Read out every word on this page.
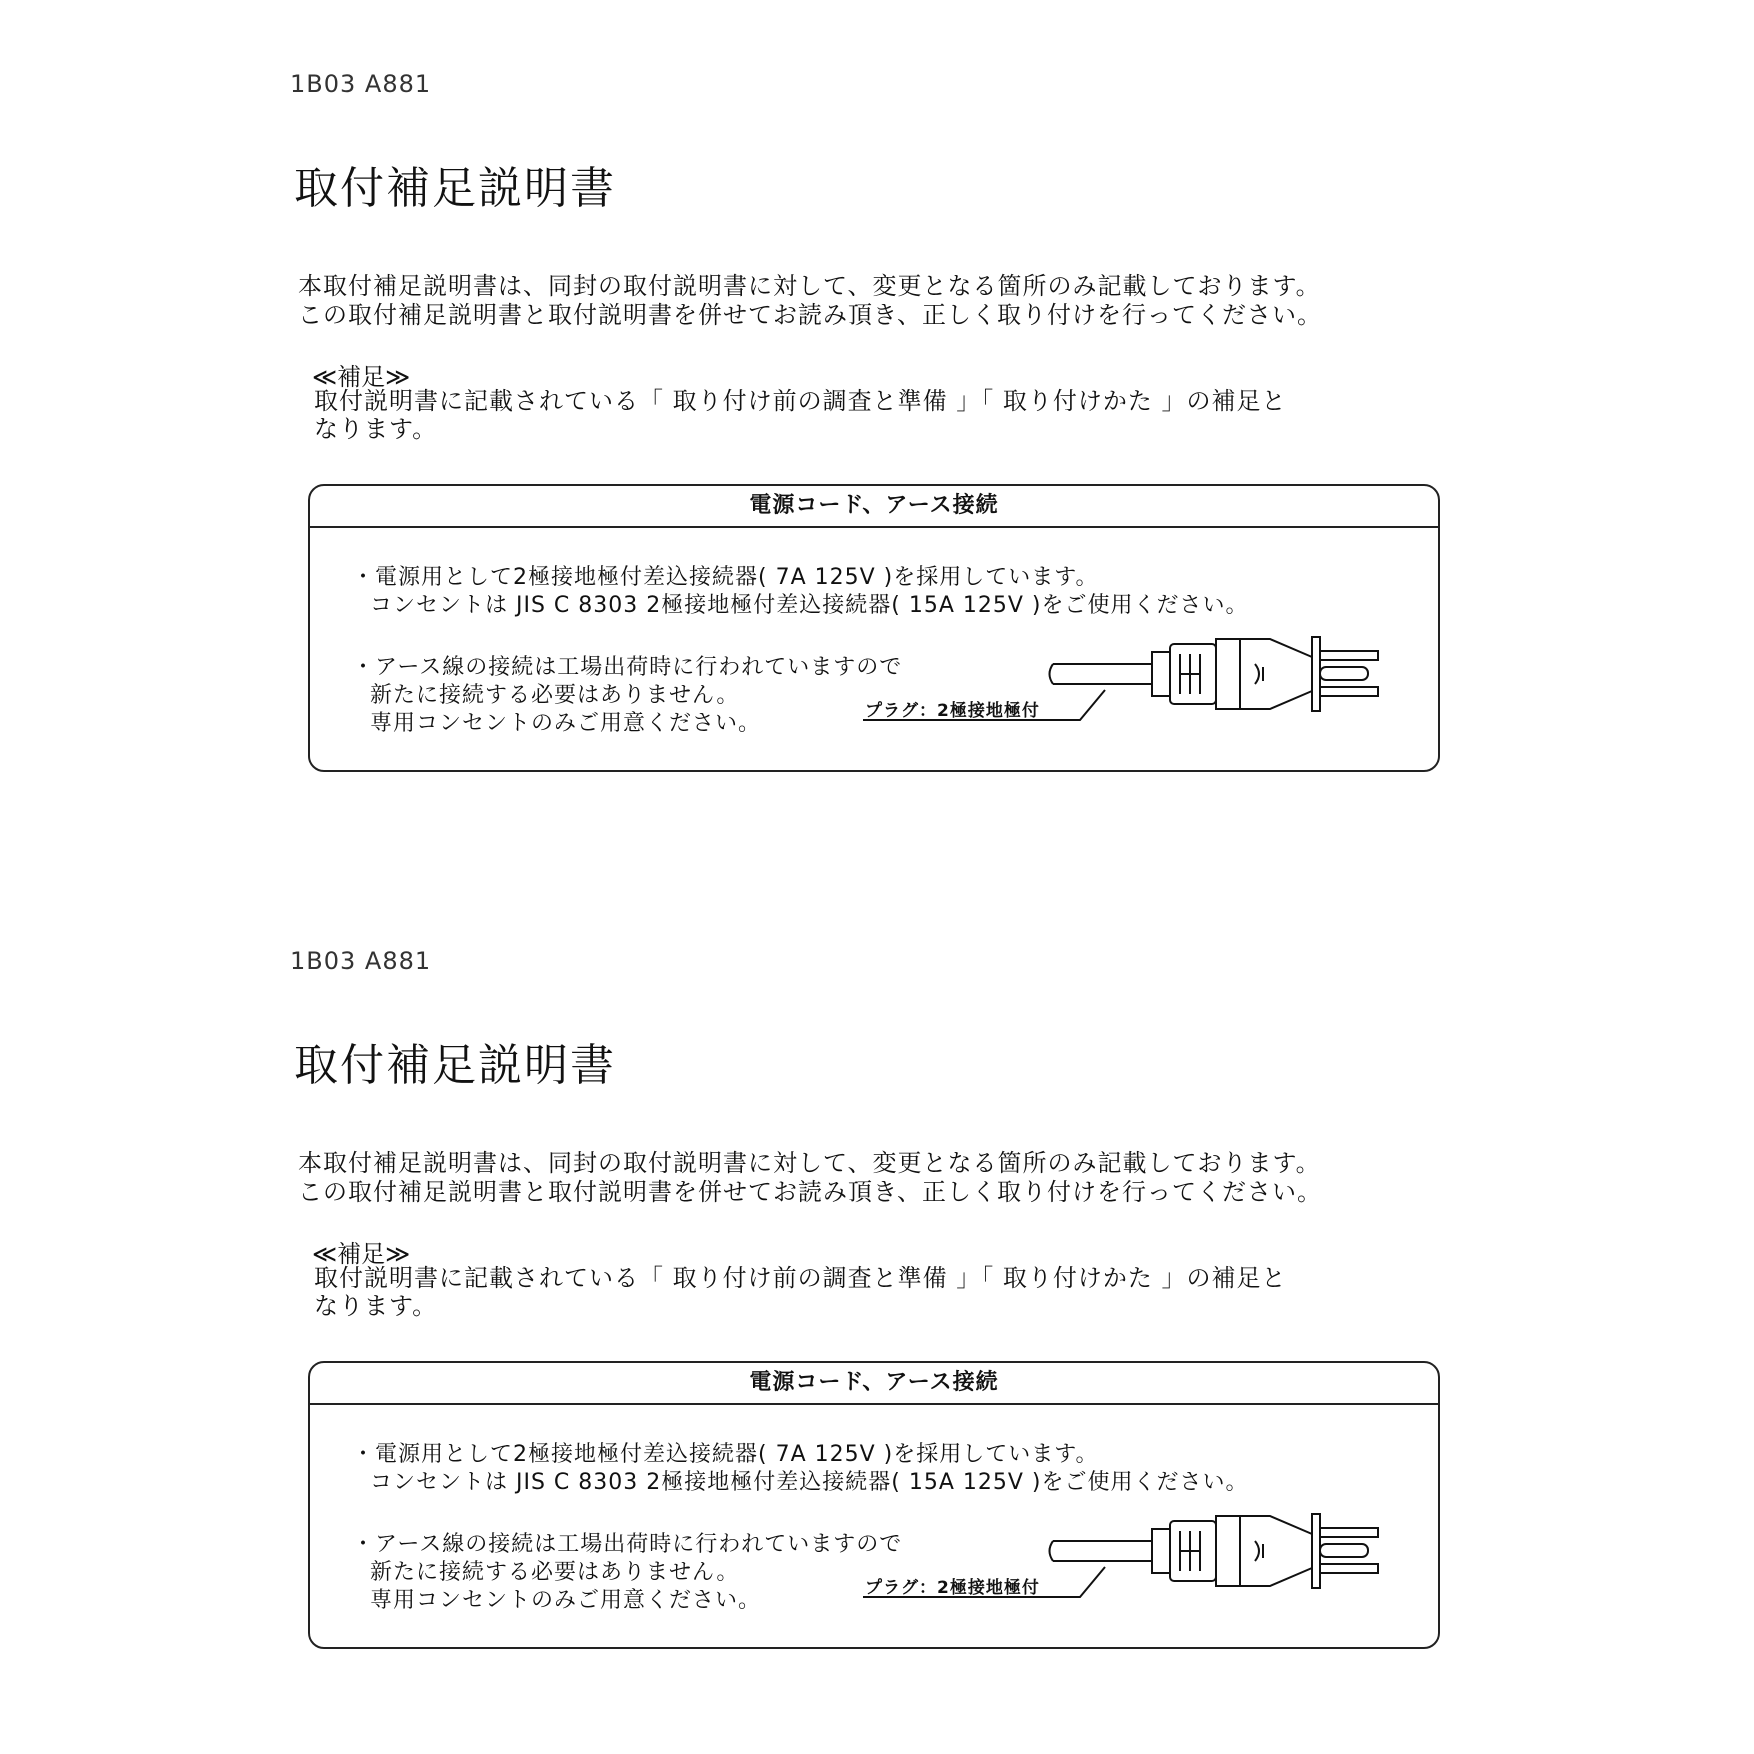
1B03 A881
取付補足説明書
本取付補足説明書は、同封の取付説明書に対して、変更となる箇所のみ記載しております。
この取付補足説明書と取付説明書を併せてお読み頂き、正しく取り付けを行ってください。
≪補足≫
取付説明書に記載されている「 取り付け前の調査と準備 」「 取り付けかた 」の補足と
なります。
電源コード、アース接続
・電源用として2極接地極付差込接続器( 7A 125V )を採用しています。
コンセントは JIS C 8303 2極接地極付差込接続器( 15A 125V )をご使用ください。
・アース線の接続は工場出荷時に行われていますので
新たに接続する必要はありません。
専用コンセントのみご用意ください。	プラグ：2極接地極付
1B03 A881
取付補足説明書
本取付補足説明書は、同封の取付説明書に対して、変更となる箇所のみ記載しております。
この取付補足説明書と取付説明書を併せてお読み頂き、正しく取り付けを行ってください。
≪補足≫
取付説明書に記載されている「 取り付け前の調査と準備 」「 取り付けかた 」の補足と
なります。
電源コード、アース接続
・電源用として2極接地極付差込接続器( 7A 125V )を採用しています。
コンセントは JIS C 8303 2極接地極付差込接続器( 15A 125V )をご使用ください。
・アース線の接続は工場出荷時に行われていますので
新たに接続する必要はありません。
専用コンセントのみご用意ください。	プラグ：2極接地極付
